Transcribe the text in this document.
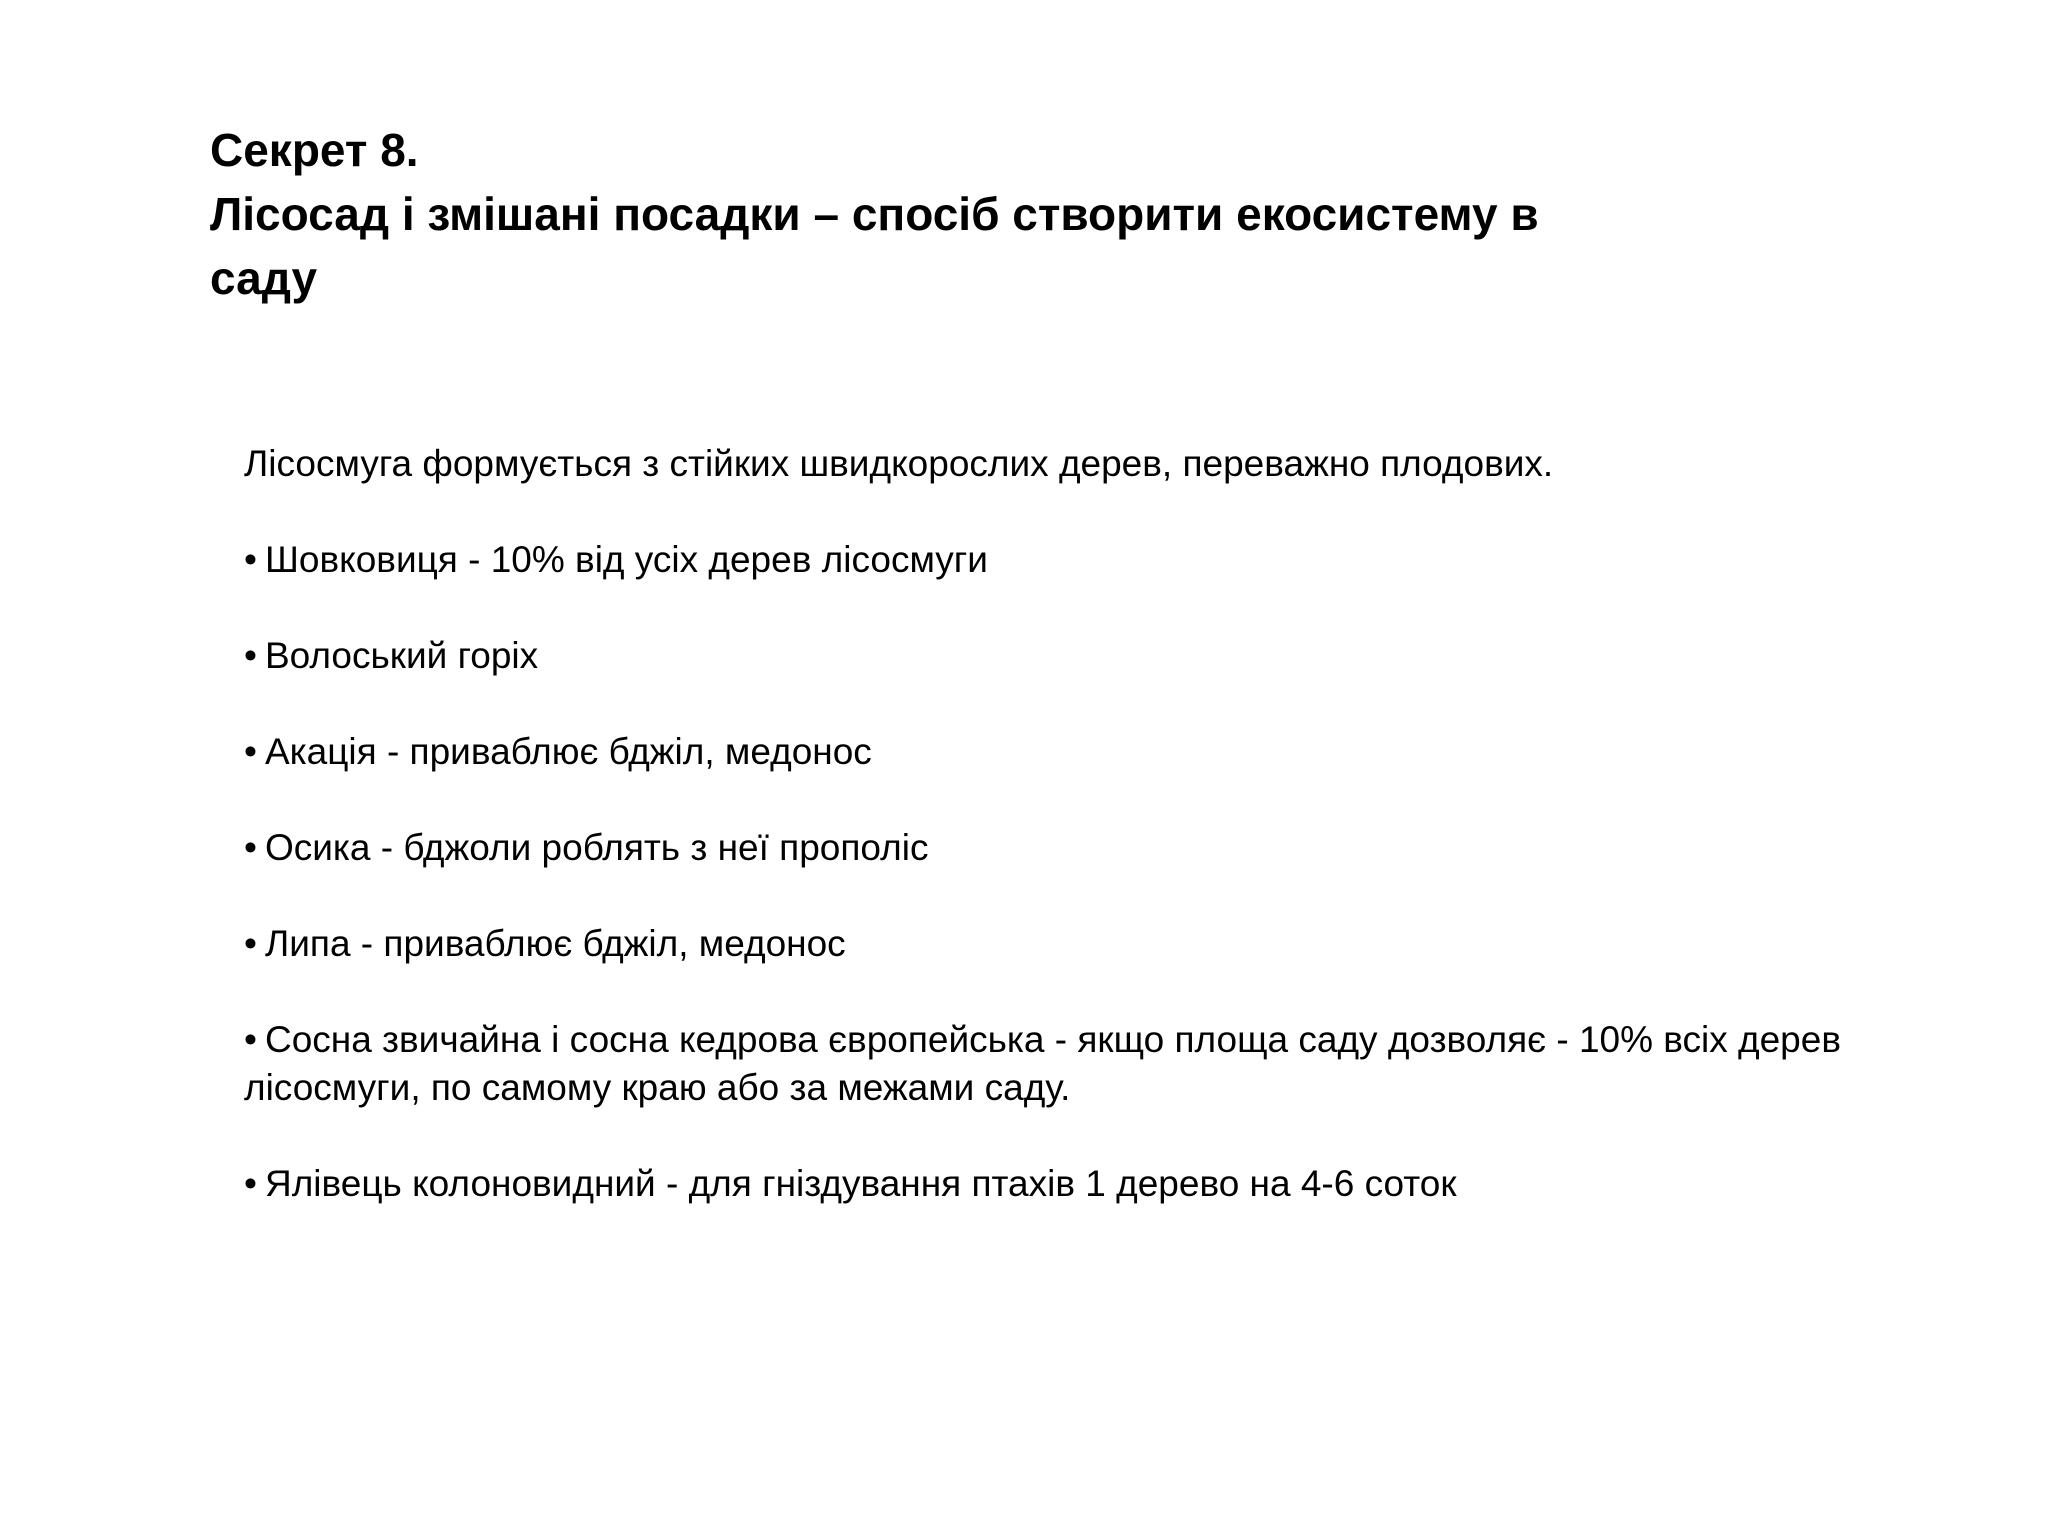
Секрет 8.
Лісосад і змішані посадки – спосіб створити екосистему в
саду
Лісосмуга формується з стійких швидкорослих дерев, переважно плодових.
• Шовковиця - 10% від усіх дерев лісосмуги
• Волоський горіх
• Акація - приваблює бджіл, медонос
• Осика - бджоли роблять з неї прополіс
• Липа - приваблює бджіл, медонос
• Сосна звичайна і сосна кедрова європейська - якщо площа саду дозволяє - 10% всіх дерев лісосмуги, по самому краю або за межами саду.
• Ялівець колоновидний - для гніздування птахів 1 дерево на 4-6 соток
